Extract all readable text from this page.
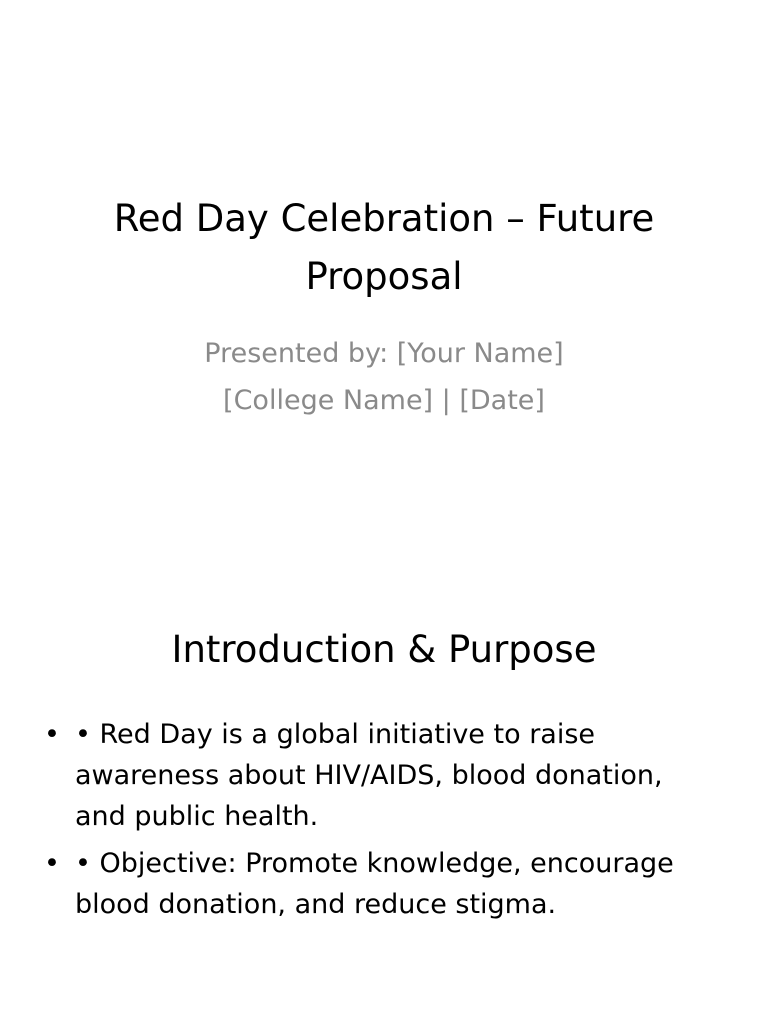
Red Day Celebration – Future Proposal
Presented by: [Your Name]
[College Name] | [Date]
Introduction & Purpose
• • Red Day is a global initiative to raise awareness about HIV/AIDS, blood donation, and public health.
• • Objective: Promote knowledge, encourage blood donation, and reduce stigma.
